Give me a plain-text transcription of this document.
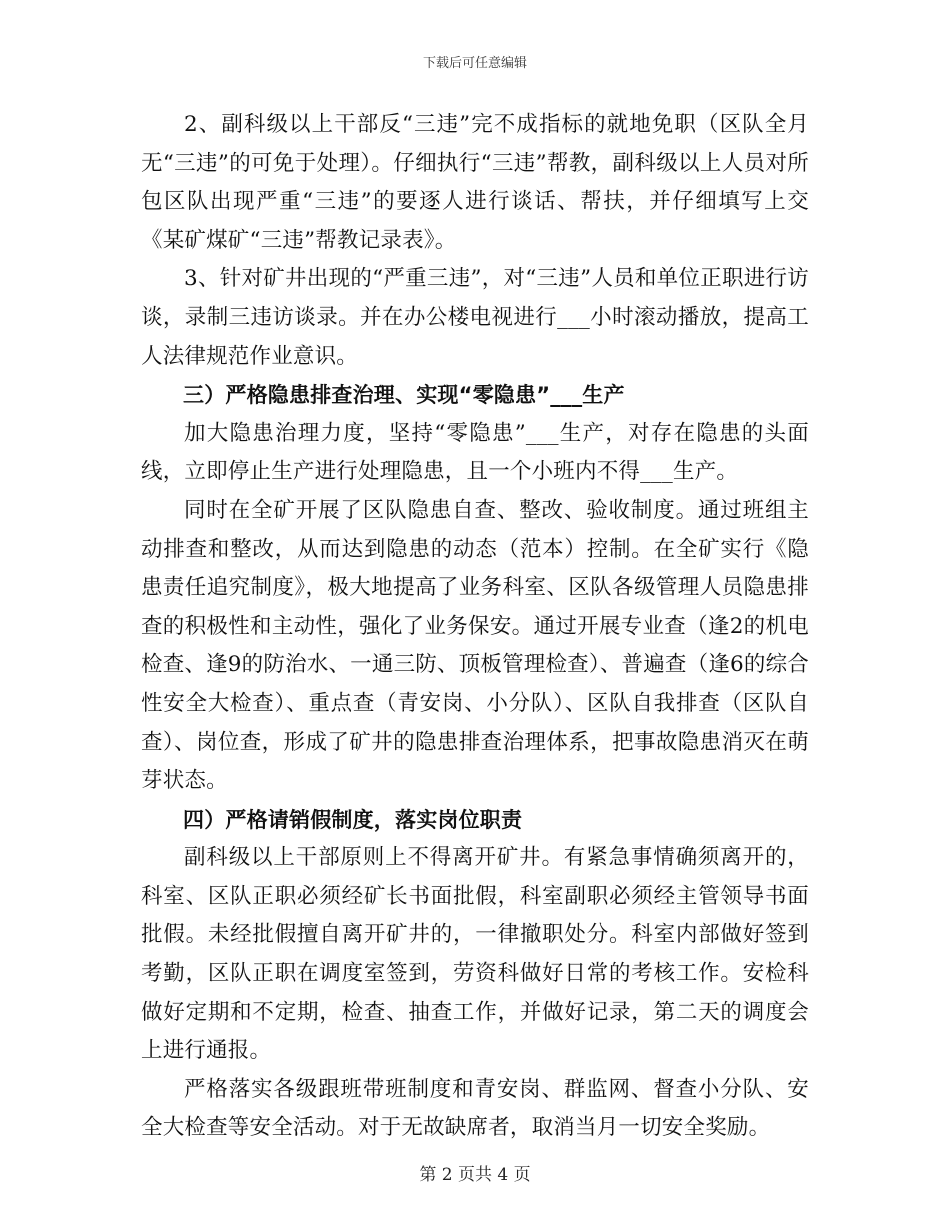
下载后可任意编辑

2、副科级以上干部反“三违”完不成指标的就地免职（区队全月无“三违”的可免于处理）。仔细执行“三违”帮教，副科级以上人员对所包区队出现严重“三违”的要逐人进行谈话、帮扶，并仔细填写上交《某矿煤矿“三违”帮教记录表》。

3、针对矿井出现的“严重三违”，对“三违”人员和单位正职进行访谈，录制三违访谈录。并在办公楼电视进行___小时滚动播放，提高工人法律规范作业意识。

三）严格隐患排查治理、实现“零隐患”___生产

加大隐患治理力度，坚持“零隐患”___生产，对存在隐患的头面线，立即停止生产进行处理隐患，且一个小班内不得___生产。

同时在全矿开展了区队隐患自查、整改、验收制度。通过班组主动排查和整改，从而达到隐患的动态（范本）控制。在全矿实行《隐患责任追究制度》，极大地提高了业务科室、区队各级管理人员隐患排查的积极性和主动性，强化了业务保安。通过开展专业查（逢2的机电检查、逢9的防治水、一通三防、顶板管理检查）、普遍查（逢6的综合性安全大检查）、重点查（青安岗、小分队）、区队自我排查（区队自查）、岗位查，形成了矿井的隐患排查治理体系，把事故隐患消灭在萌芽状态。

四）严格请销假制度，落实岗位职责

副科级以上干部原则上不得离开矿井。有紧急事情确须离开的，科室、区队正职必须经矿长书面批假，科室副职必须经主管领导书面批假。未经批假擅自离开矿井的，一律撤职处分。科室内部做好签到考勤，区队正职在调度室签到，劳资科做好日常的考核工作。安检科做好定期和不定期，检查、抽查工作，并做好记录，第二天的调度会上进行通报。

严格落实各级跟班带班制度和青安岗、群监网、督查小分队、安全大检查等安全活动。对于无故缺席者，取消当月一切安全奖励。

第 2 页共 4 页
